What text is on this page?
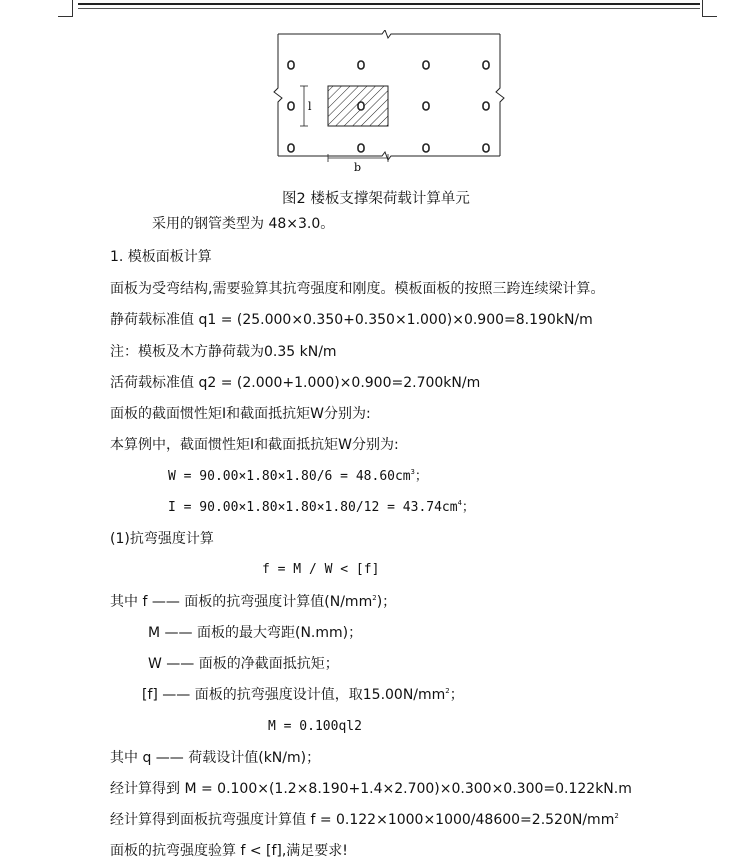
l
b
图2 楼板支撑架荷载计算单元
采用的钢管类型为 48×3.0。
1. 模板面板计算
面板为受弯结构,需要验算其抗弯强度和刚度。模板面板的按照三跨连续梁计算。
静荷载标准值 q1 = (25.000×0.350+0.350×1.000)×0.900=8.190kN/m
注：模板及木方静荷载为0.35 kN/m
活荷载标准值 q2 = (2.000+1.000)×0.900=2.700kN/m
面板的截面惯性矩I和截面抵抗矩W分别为:
本算例中，截面惯性矩I和截面抵抗矩W分别为:
$W = 90.00\times 1.80\times 1.80/6 = 48.60cm^3$；
$I = 90.00\times 1.80\times 1.80\times 1.80/12 = 43.74cm^4$；
(1)抗弯强度计算
f = M / W < [f]
其中 f —— 面板的抗弯强度计算值$(N/mm^2)$；
M —— 面板的最大弯距(N.mm)；
W —— 面板的净截面抵抗矩；
[f] —— 面板的抗弯强度设计值，取$15.00N/mm^2$；
M = 0.100ql2
其中 q —— 荷载设计值(kN/m)；
经计算得到 M = 0.100×(1.2×8.190+1.4×2.700)×0.300×0.300=0.122kN.m
经计算得到面板抗弯强度计算值 $f = 0.122\times 1000\times 1000/48600=2.520N/mm^2$
面板的抗弯强度验算 f < [f],满足要求!
